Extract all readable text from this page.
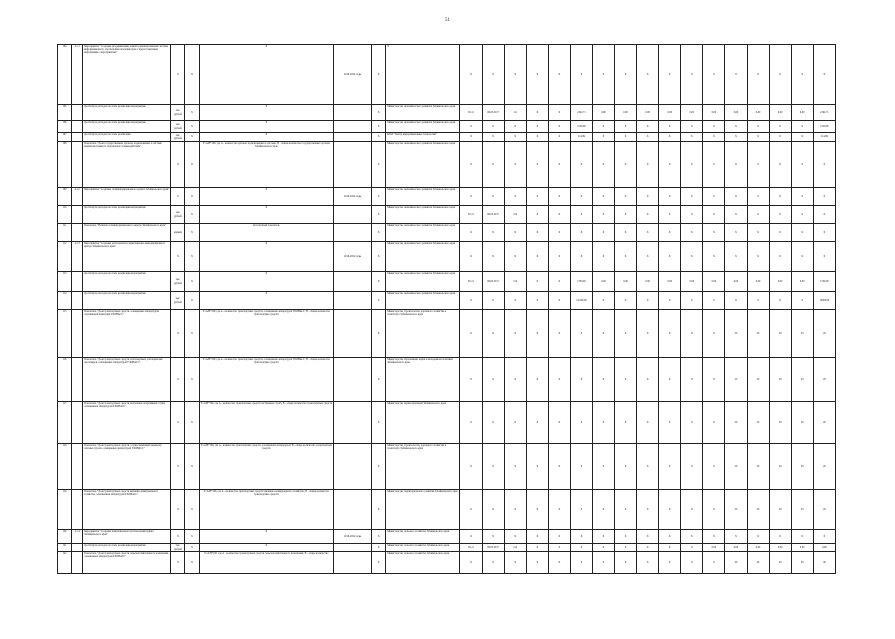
51
104	4.1.1	Мероприятие "Создание (модернизация) клиентоориентированной системы информационного обеспечения населения края с предоставлением информации о мероприятиях"	X	X	X	2016-2024 годы	X	X	X	X	X	X	X	X	X	X	X	X	X	X	X	X	X	X	X
105		Достигнута расходов на этапе реализации мероприятия	тыс. рублей	X	X		X	Министерство экономического развития Забайкальского края	65,11	06.03.2017	111	X	X	2192,71	0,00	0,00	0,00	0,00	0,00	0,00	0,00	0,00	0,00	0,00	2192,71
106		Достигнута расходов на этапе реализации мероприятия	тыс. рублей	X	X		X	Министерство экономического развития Забайкальского края	X	X	X	X	X	2130,00	X	X	X	X	X	X	X	X	X	X	2130,00
107		Достигнута расходов на этапе реализации	тыс. рублей	X	X		X	КГАУ "Центр информационных технологий"	X	X	X	X	X	114,99	X	X	X	X	X	X	X	X	X	X	114,99
108		Показатель "Доля государственных органов, подключенных к системе межведомственного электронного взаимодействия"	%	X	Y=A/B*100, где А - количество органов, подключенных к системе; В - общее количество государственных органов Забайкальского края		X	Министерство экономического развития Забайкальского края	X	X	X	X	X	X	X	X	X	X	X	X	X	X	X	X	X
109	4.1.2	Мероприятие "Создание телеинформационного центра Забайкальского края"	X	X	X	2016-2024 годы	X	Министерство экономического развития Забайкальского края	X	X	X	X	X	X	X	X	X	X	X	X	X	X	X	X	X
110		Достигнута расходов на этапе реализации мероприятия	тыс. рублей	X	X		X	Министерство экономического развития Забайкальского края	65,11	06.03.2017	512	X	X	X	X	X	X	X	X	X	X	X	X	X	X
111		Показатель "Наличие телеинформационного центра Забайкальского края"	единиц	X	Абсолютный показатель		X	Министерство экономического развития Забайкальского края	X	X	X	X	X	X	X	X	X	X	X	X	X	X	X	X	X
112	4.1.3	Мероприятие "Создание регионального навигационно-информационного центра Забайкальского края"	X	X	X	2016-2024 годы	X	Министерство экономического развития Забайкальского края	X	X	X	X	X	X	X	X	X	X	X	X	X	X	X	X	X
113		Достигнута расходов на этапе реализации мероприятия	тыс. рублей	X	X		X	Министерство экономического развития Забайкальского края	65,11	06.03.2017	512	X	X	1700,00	0,00	0,00	0,00	0,00	0,00	0,00	0,00	0,00	0,00	0,00	1700,00
114		Достигнута расходов на этапе реализации мероприятия	тыс. рублей	X	X		X	Министерство экономического развития Забайкальского края	X	X	X	X	X	14 000,00	X	X	X	X	X	X	X	X	X	X	14000,00
115		Показатель "Доля транспортных средств, оснащенных аппаратурой спутниковой навигации ГЛОНАСС"	%	X	Y=A/B*100, где А - количество транспортных средств, оснащенных аппаратурой ГЛОНАСС; В - общее количество транспортных средств		X	Министерство строительства, дорожного хозяйства и транспорта Забайкальского края	X	X	X	X	X	X	X	X	X	X	X	X	20	20	20	20	20
116		Показатель "Доля транспортных средств, используемых для перевозки пассажиров, оснащенных аппаратурой ГЛОНАСС"	%	X	Y=A/B*100, где А - количество транспортных средств, оснащенных аппаратурой ГЛОНАСС; В - общее количество транспортных средств		X	Министерство образования, науки и молодежной политики Забайкальского края	X	X	X	X	X	X	X	X	X	X	X	X	20	20	20	20	20
117		Показатель "Доля транспортных средств экстренных оперативных служб, оснащенных аппаратурой ГЛОНАСС"	%	X	Y=A/B*100, где А - количество транспортных средств экстренных служб; В - общее количество транспортных средств		X	Министерство здравоохранения Забайкальского края	X	X	X	X	X	X	X	X	X	X	X	X	20	20	20	20	20
118		Показатель "Доля транспортных средств, осуществляющих перевозку опасных грузов, оснащенных аппаратурой ГЛОНАСС"	%	X	Y=A/B*100, где А - количество транспортных средств, оснащенных аппаратурой; В - общее количество транспортных средств		X	Министерство строительства, дорожного хозяйства и транспорта Забайкальского края	X	X	X	X	X	X	X	X	X	X	X	X	20	20	20	20	20
119		Показатель "Доля транспортных средств жилищно-коммунального хозяйства, оснащенных аппаратурой ГЛОНАСС"	%	X	Y=A/B*100, где А - количество транспортных средств жилищно-коммунального хозяйства; В - общее количество транспортных средств		X	Министерство территориального развития Забайкальского края	X	X	X	X	X	X	X	X	X	X	X	X	20	20	20	20	20
120	4.1.4	Мероприятие "Создание навигационной системы мониторинга Забайкальского края"	X	X	X	2016-2024 годы	X	Министерство сельского хозяйства Забайкальского края	X	X	X	X	X	X	X	X	X	X	X	X	X	X	X	X	X
121		Достигнута расходов на этапе реализации мероприятия	тыс. рублей	X	X		X	Министерство сельского хозяйства Забайкальского края	65,11	06.03.2017	512	X	X	X	X	X	X	X	X	0,00	0,00	0,00	0,00	0,00	0,00
122		Показатель "Доля транспортных средств сельскохозяйственного назначения, оснащенных аппаратурой ГЛОНАСС"	%	X	Y=A/B*100, где А - количество транспортных средств сельскохозяйственного назначения; В - общее количество		X	Министерство сельского хозяйства Забайкальского края	X	X	X	X	X	X	X	X	X	X	X	X	40	40	40	40	40
